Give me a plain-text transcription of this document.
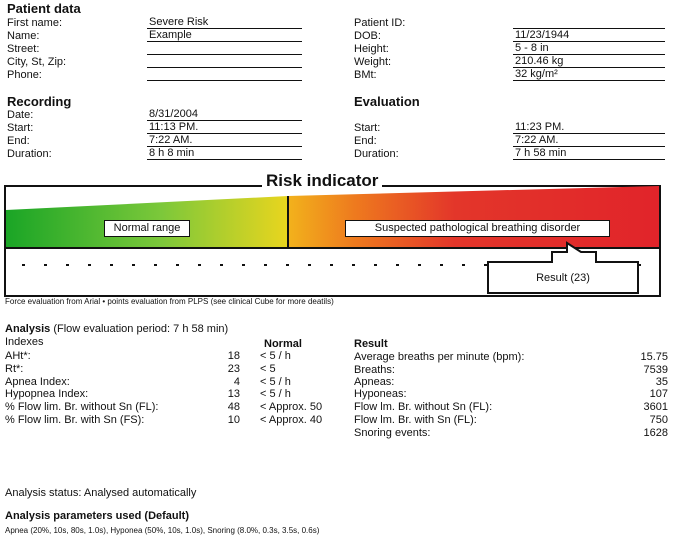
Patient data
First name:	Severe Risk
Name:	Example
Street:
City, St, Zip:
Phone:
Patient ID:
DOB:	11/23/1944
Height:	5 - 8 in
Weight:	210.46 kg
BMt:	32 kg/m²
Recording
Date:	8/31/2004
Start:	11:13 PM.
End:	7:22 AM.
Duration:	8 h 8 min
Evaluation
Start:	11:23 PM.
End:	7:22 AM.
Duration:	7 h 58 min
Risk indicator
Normal range	Suspected pathological breathing disorder
Result (23)
Force evaluation from Arial • points evaluation from PLPS (see clinical Cube for more deatils)
Analysis (Flow evaluation period: 7 h 58 min)
Indexes	Normal	Result
AHt*:	18 < 5 / h
Rt*:	23 < 5
Apnea Index:	4 < 5 / h
Hypopnea Index:	13 < 5 / h
% Flow lim. Br. without Sn (FL):	48 < Approx. 50
% Flow lim. Br. with Sn (FS):	10 < Approx. 40
Average breaths per minute (bpm):	15.75
Breaths:	7539
Apneas:	35
Hyponeas:	107
Flow lm. Br. without Sn (FL):	3601
Flow lm. Br. with Sn (FL):	750
Snoring events:	1628
Analysis status: Analysed automatically
Analysis parameters used (Default)
Apnea (20%, 10s, 80s, 1.0s), Hyponea (50%, 10s, 1.0s), Snoring (8.0%, 0.3s, 3.5s, 0.6s)
